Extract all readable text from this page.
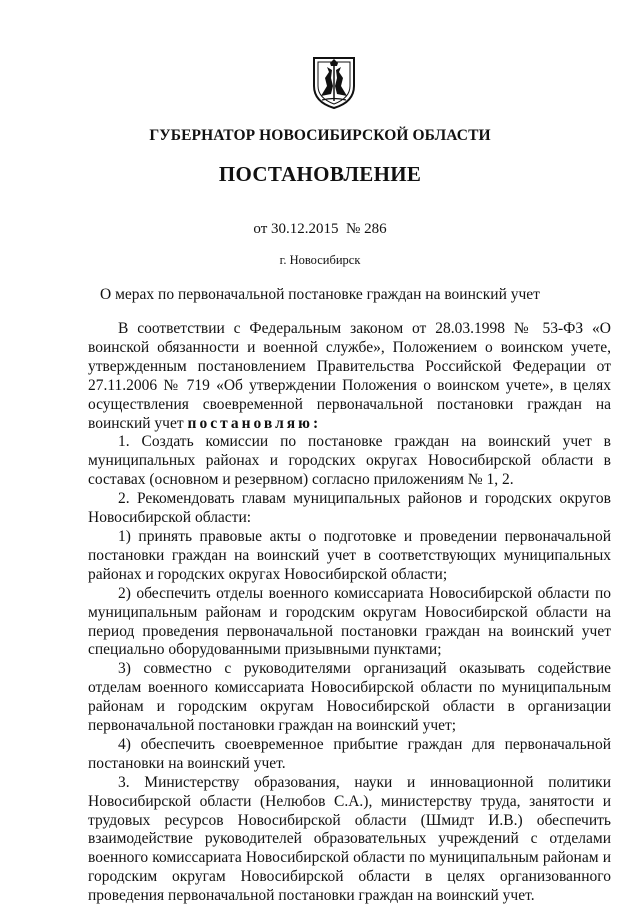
ГУБЕРНАТОР НОВОСИБИРСКОЙ ОБЛАСТИ
ПОСТАНОВЛЕНИЕ
от 30.12.2015  № 286
г. Новосибирск
О мерах по первоначальной постановке граждан на воинский учет

В соответствии с Федеральным законом от 28.03.1998 № 53-ФЗ «О воинской обязанности и военной службе», Положением о воинском учете, утвержденным постановлением Правительства Российской Федерации от 27.11.2006 № 719 «Об утверждении Положения о воинском учете», в целях осуществления своевременной первоначальной постановки граждан на воинский учет постановляю:

1. Создать комиссии по постановке граждан на воинский учет в муниципальных районах и городских округах Новосибирской области в составах (основном и резервном) согласно приложениям № 1, 2.

2. Рекомендовать главам муниципальных районов и городских округов Новосибирской области:

1) принять правовые акты о подготовке и проведении первоначальной постановки граждан на воинский учет в соответствующих муниципальных районах и городских округах Новосибирской области;

2) обеспечить отделы военного комиссариата Новосибирской области по муниципальным районам и городским округам Новосибирской области на период проведения первоначальной постановки граждан на воинский учет специально оборудованными призывными пунктами;

3) совместно с руководителями организаций оказывать содействие отделам военного комиссариата Новосибирской области по муниципальным районам и городским округам Новосибирской области в организации первоначальной постановки граждан на воинский учет;

4) обеспечить своевременное прибытие граждан для первоначальной постановки на воинский учет.

3. Министерству образования, науки и инновационной политики Новосибирской области (Нелюбов С.А.), министерству труда, занятости и трудовых ресурсов Новосибирской области (Шмидт И.В.) обеспечить взаимодействие руководителей образовательных учреждений с отделами военного комиссариата Новосибирской области по муниципальным районам и городским округам Новосибирской области в целях организованного проведения первоначальной постановки граждан на воинский учет.
